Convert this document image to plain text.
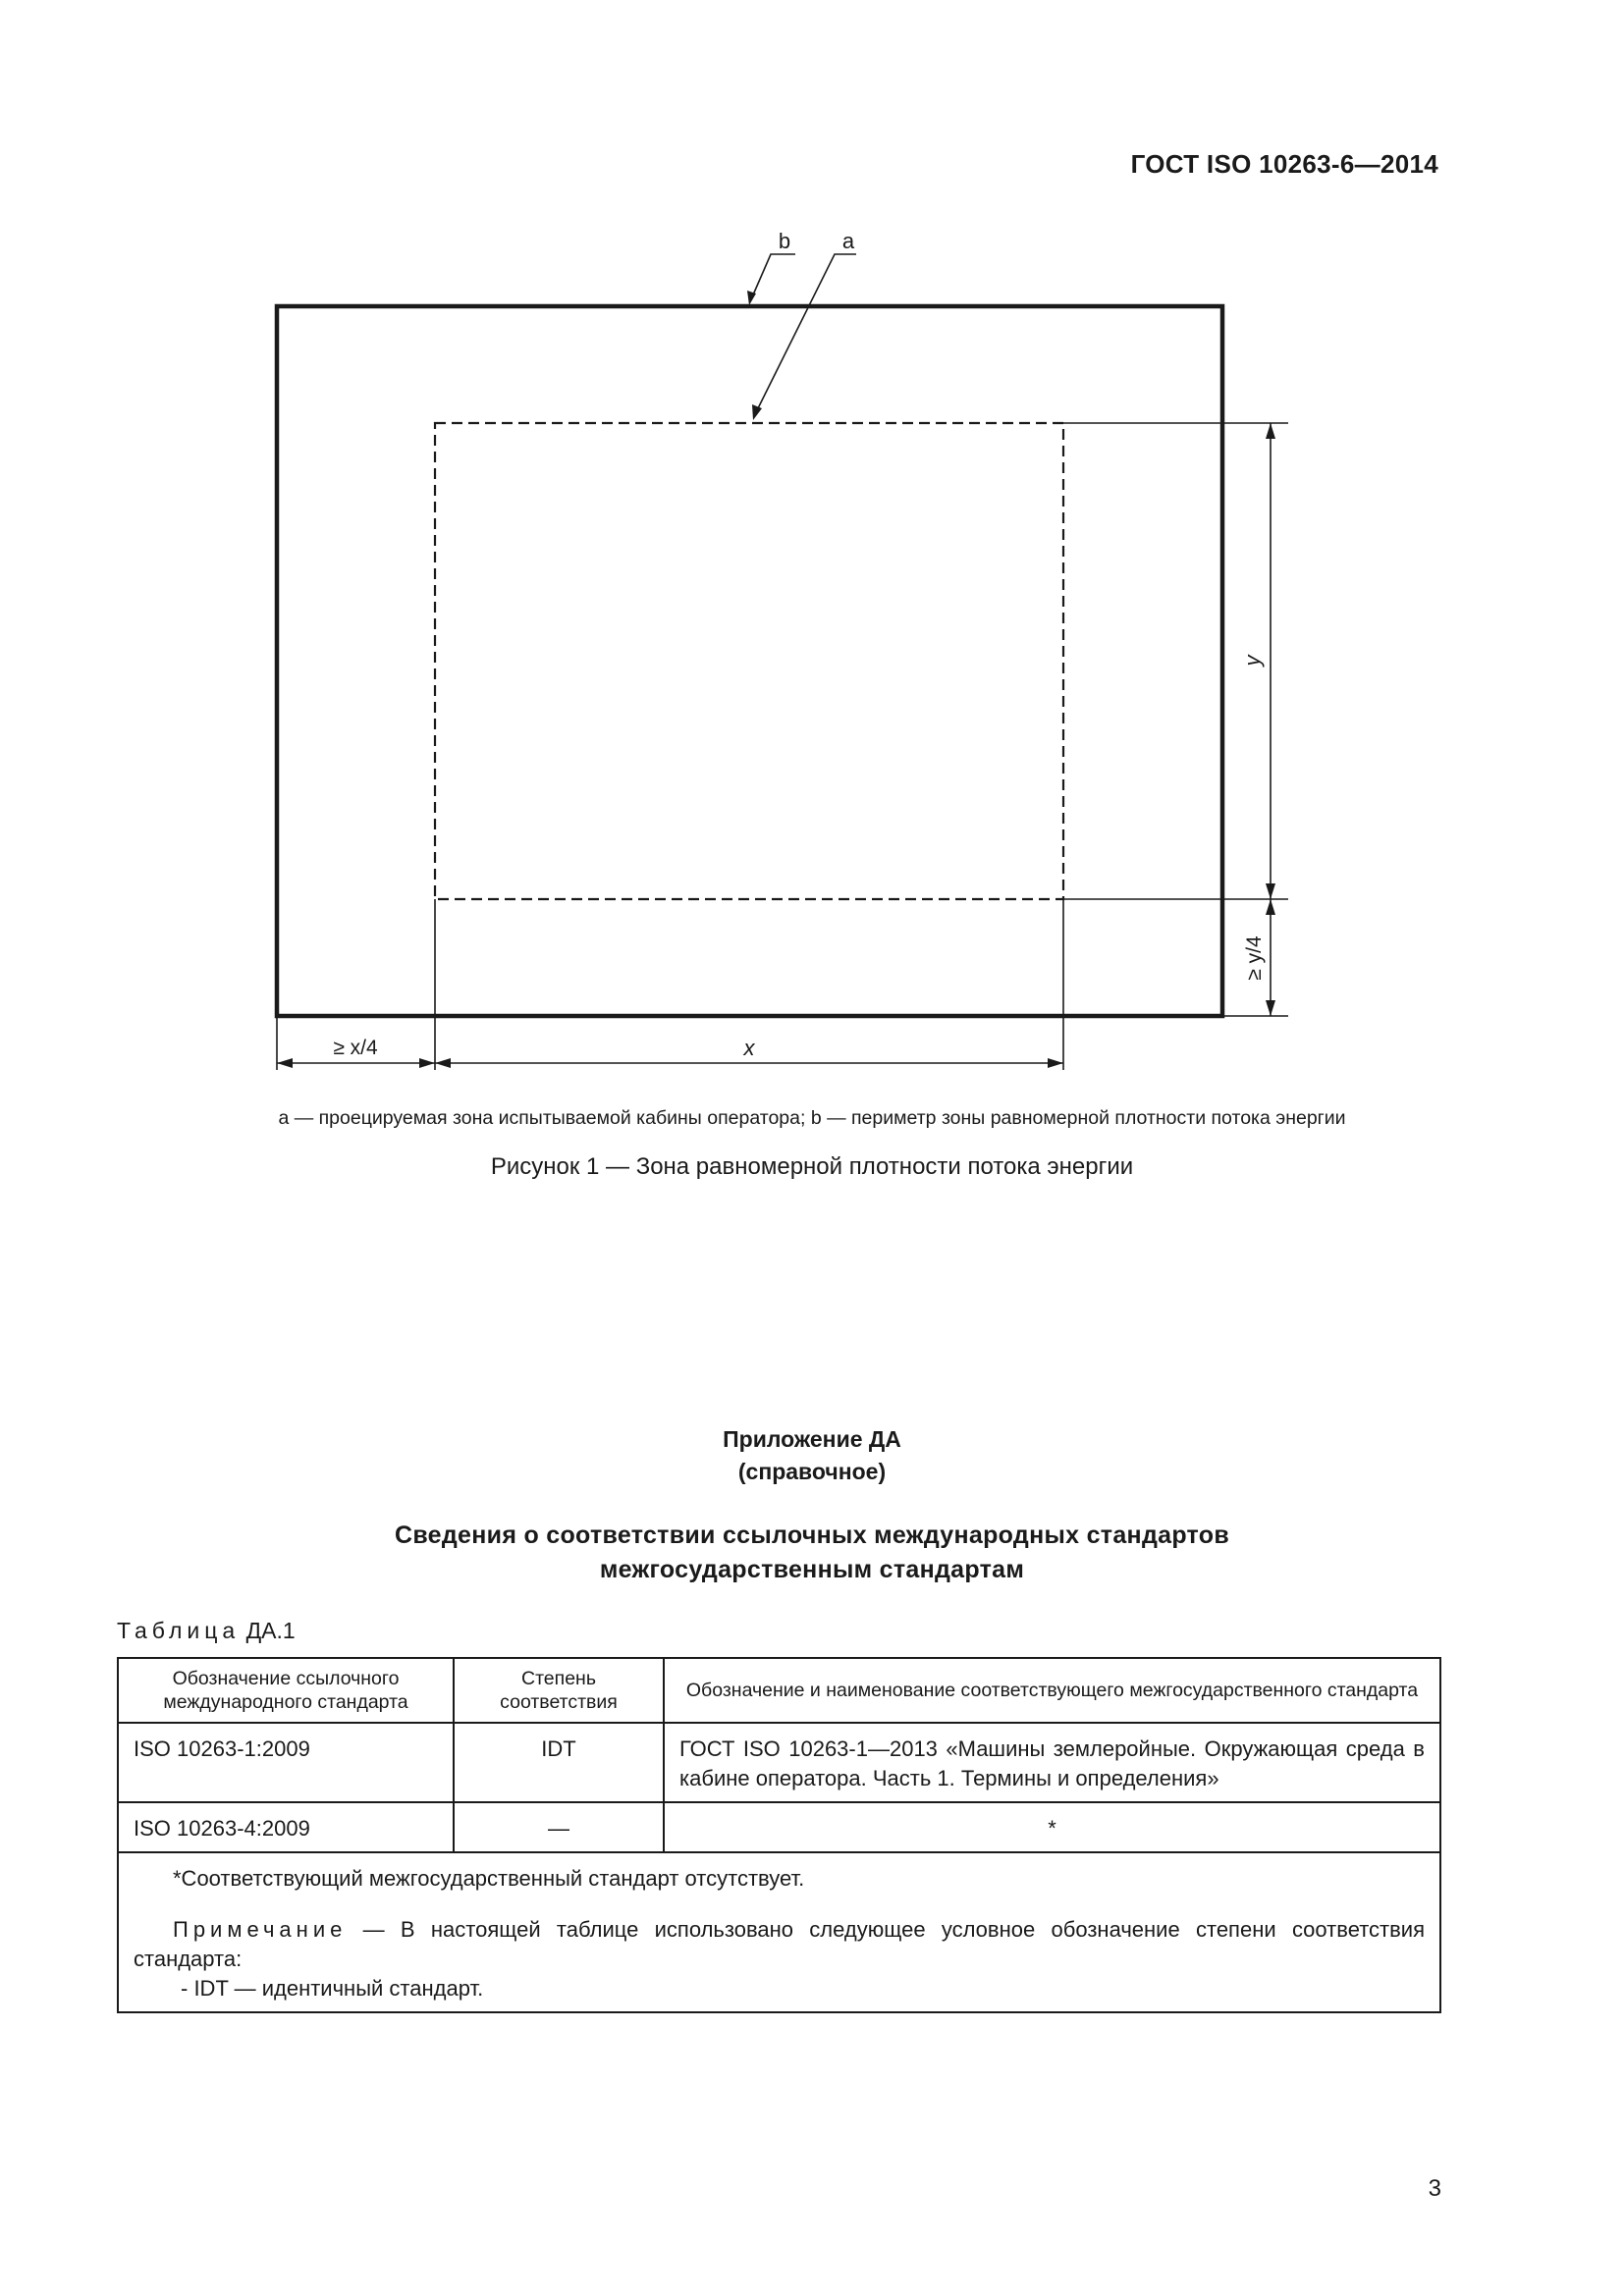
ГОСТ ISO 10263-6—2014
b a
y
≥ y/4
≥ x/4	x
a — проецируемая зона испытываемой кабины оператора; b — периметр зоны равномерной плотности потока энергии
Рисунок 1 — Зона равномерной плотности потока энергии
Приложение ДА
(справочное)
Сведения о соответствии ссылочных международных стандартов
межгосударственным стандартам
Таблица ДА.1
Обозначение ссылочного международного стандарта	Степень соответствия	Обозначение и наименование соответствующего межгосударственного стандарта
ISO 10263-1:2009	IDT	ГОСТ ISO 10263-1—2013 «Машины землеройные. Окружающая среда в кабине оператора. Часть 1. Термины и определения»
ISO 10263-4:2009	—	*

*Соответствующий межгосударственный стандарт отсутствует.

Примечание — В настоящей таблице использовано следующее условное обозначение степени соответствия стандарта:

- IDT — идентичный стандарт.		

3
